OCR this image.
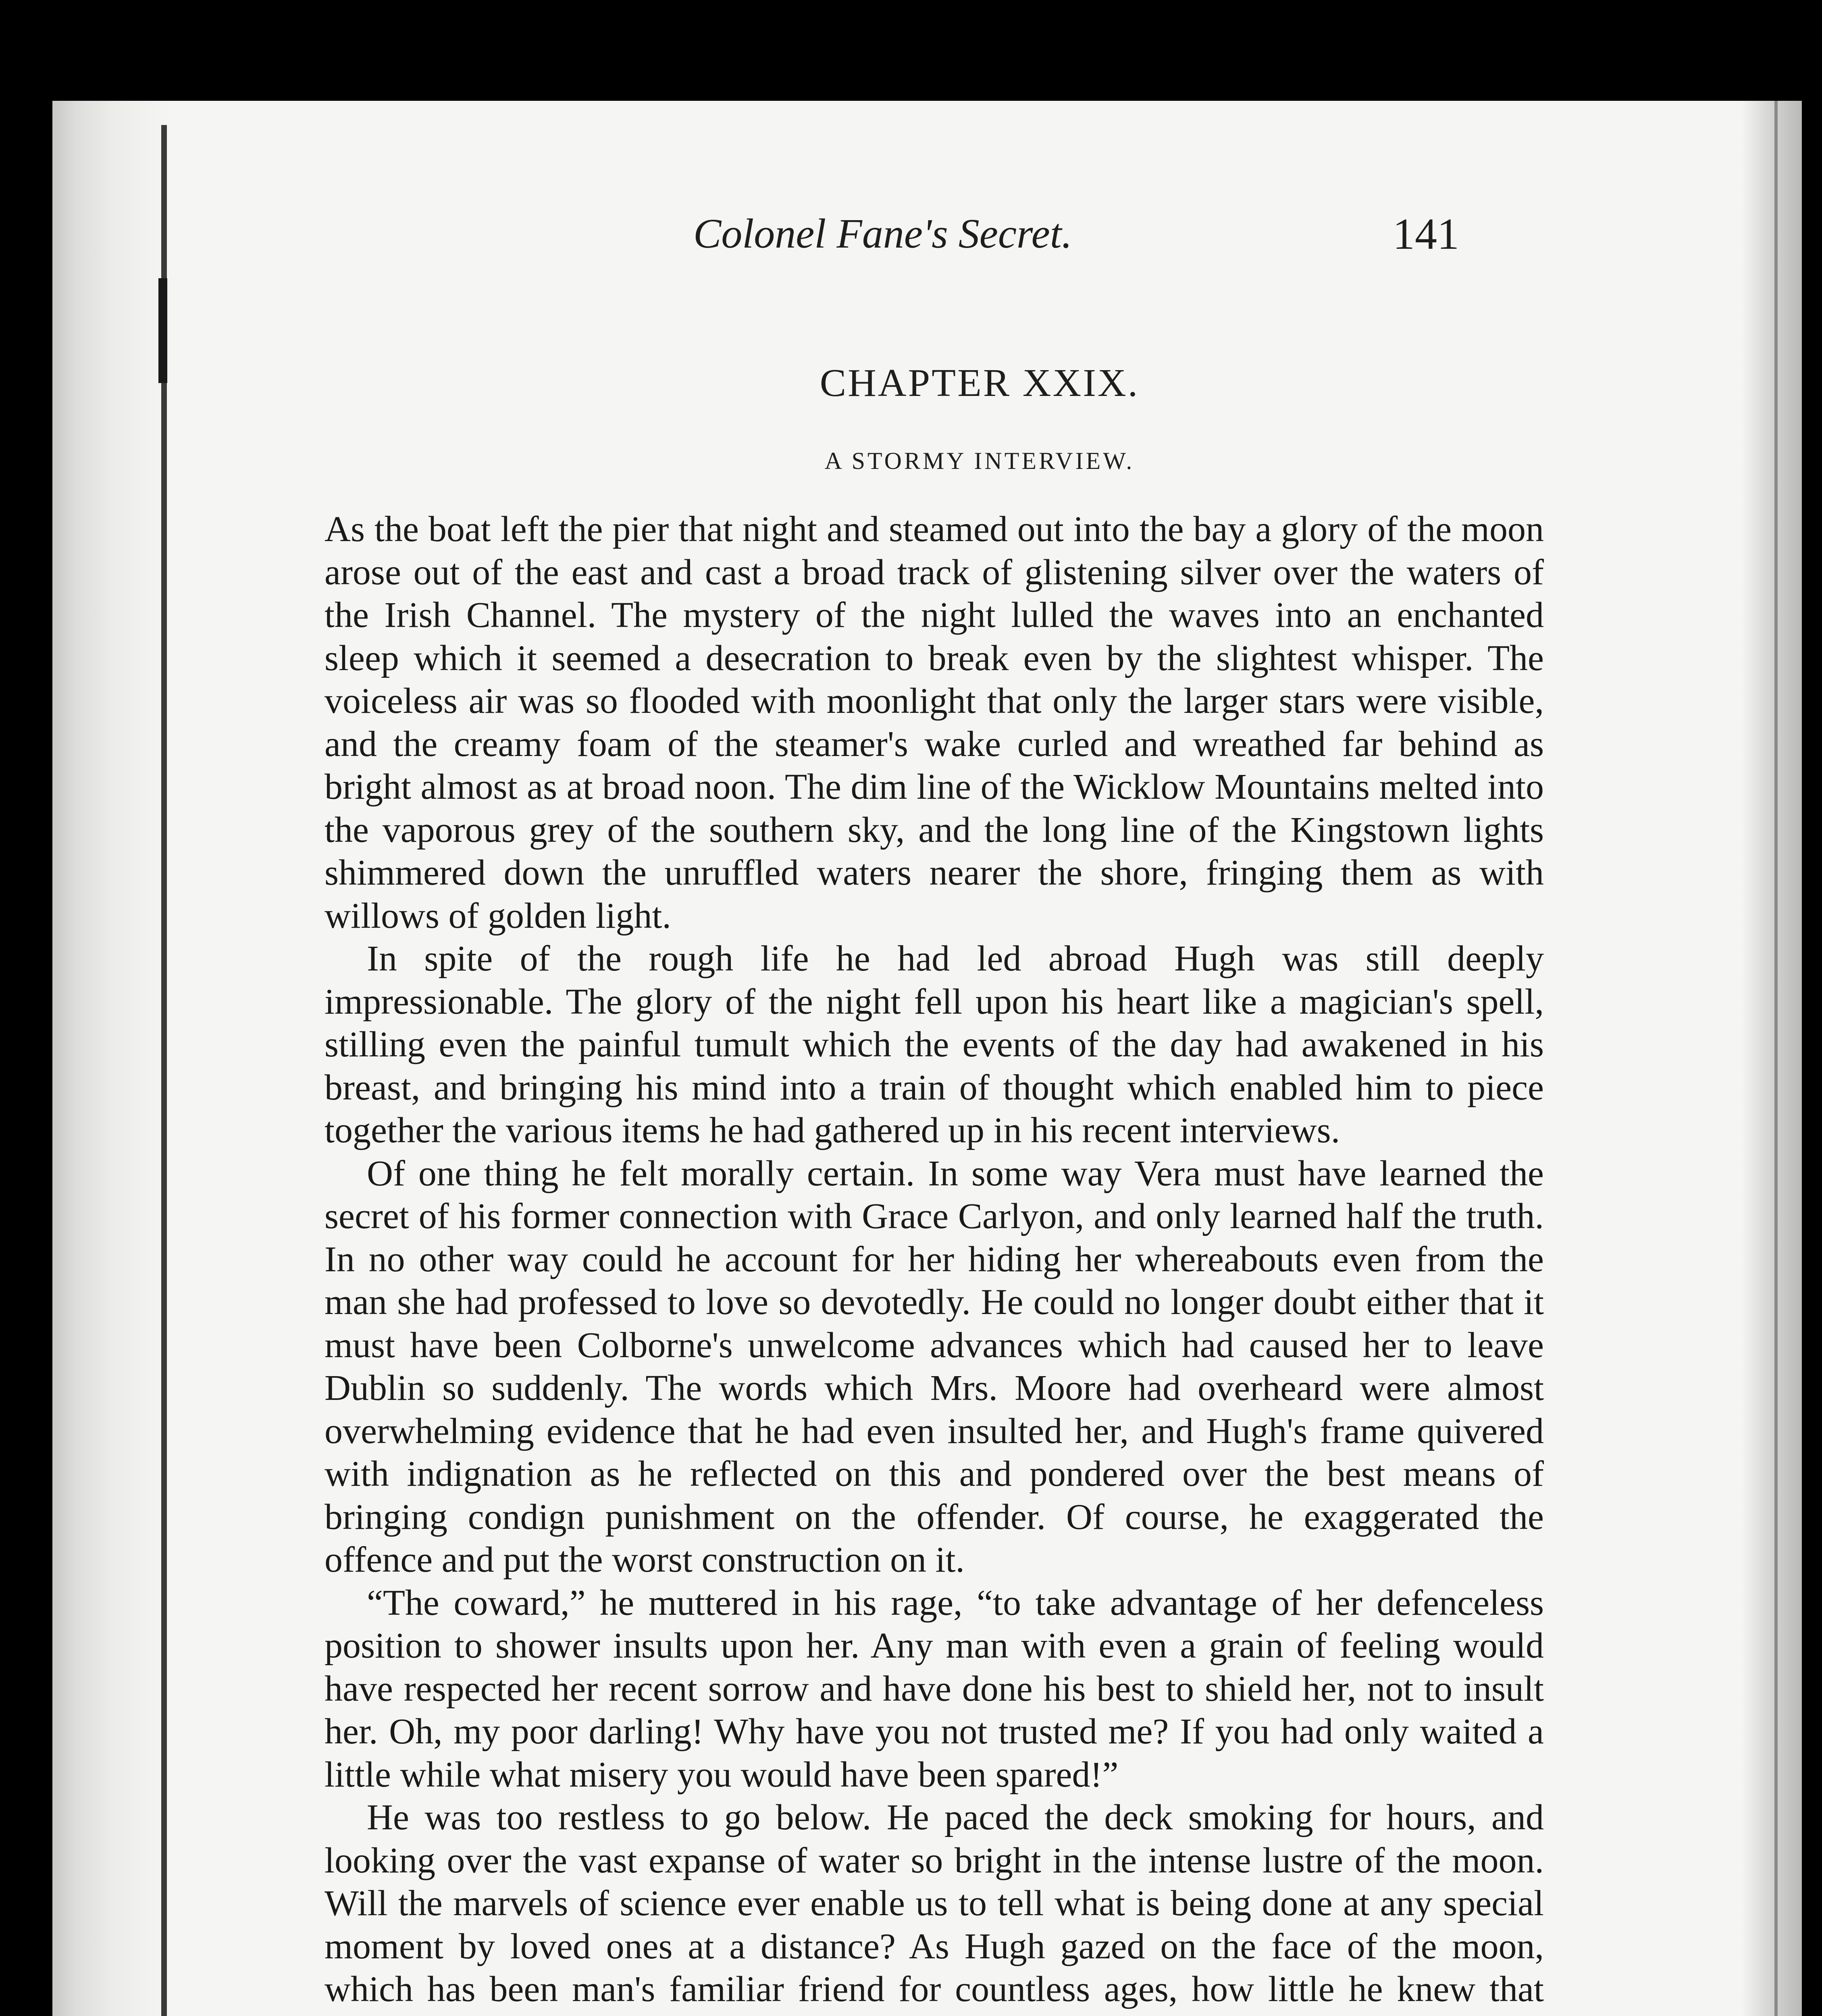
Colonel Fane's Secret.	141
CHAPTER XXIX.
A STORMY INTERVIEW.

As the boat left the pier that night and steamed out into the bay a glory of the moon arose out of the east and cast a broad track of glistening silver over the waters of the Irish Channel. The mystery of the night lulled the waves into an enchanted sleep which it seemed a desecration to break even by the slightest whisper. The voiceless air was so flooded with moonlight that only the larger stars were visible, and the creamy foam of the steamer's wake curled and wreathed far behind as bright almost as at broad noon. The dim line of the Wicklow Mountains melted into the vaporous grey of the southern sky, and the long line of the Kingstown lights shimmered down the unruffled waters nearer the shore, fringing them as with willows of golden light.

In spite of the rough life he had led abroad Hugh was still deeply impressionable. The glory of the night fell upon his heart like a magician's spell, stilling even the painful tumult which the events of the day had awakened in his breast, and bringing his mind into a train of thought which enabled him to piece together the various items he had gathered up in his recent interviews.

Of one thing he felt morally certain. In some way Vera must have learned the secret of his former connection with Grace Carlyon, and only learned half the truth. In no other way could he account for her hiding her whereabouts even from the man she had professed to love so devotedly. He could no longer doubt either that it must have been Colborne's unwelcome advances which had caused her to leave Dublin so suddenly. The words which Mrs. Moore had overheard were almost overwhelming evidence that he had even insulted her, and Hugh's frame quivered with indignation as he reflected on this and pondered over the best means of bringing condign punishment on the offender. Of course, he exaggerated the offence and put the worst construction on it.

“The coward,” he muttered in his rage, “to take advantage of her defenceless position to shower insults upon her. Any man with even a grain of feeling would have respected her recent sorrow and have done his best to shield her, not to insult her. Oh, my poor darling! Why have you not trusted me? If you had only waited a little while what misery you would have been spared!”

He was too restless to go below. He paced the deck smoking for hours, and looking over the vast expanse of water so bright in the intense lustre of the moon. Will the marvels of science ever enable us to tell what is being done at any special moment by loved ones at a distance? As Hugh gazed on the face of the moon, which has been man's familiar friend for countless ages, how little he knew that
